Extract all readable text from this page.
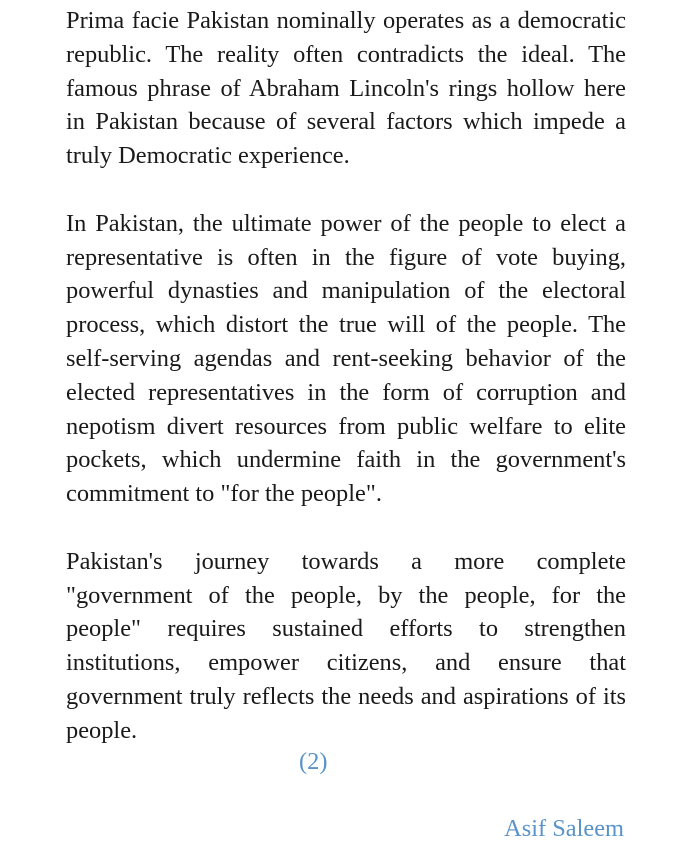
Prima facie Pakistan nominally operates as a democratic republic. The reality often contradicts the ideal. The famous phrase of Abraham Lincoln's rings hollow here in Pakistan because of several factors which impede a truly Democratic experience.

In Pakistan, the ultimate power of the people to elect a representative is often in the figure of vote buying, powerful dynasties and manipulation of the electoral process, which distort the true will of the people. The self-serving agendas and rent-seeking behavior of the elected representatives in the form of corruption and nepotism divert resources from public welfare to elite pockets, which undermine faith in the government's commitment to "for the people".

Pakistan's journey towards a more complete "government of the people, by the people, for the people" requires sustained efforts to strengthen institutions, empower citizens, and ensure that government truly reflects the needs and aspirations of its people.

(2)
Asif Saleem
